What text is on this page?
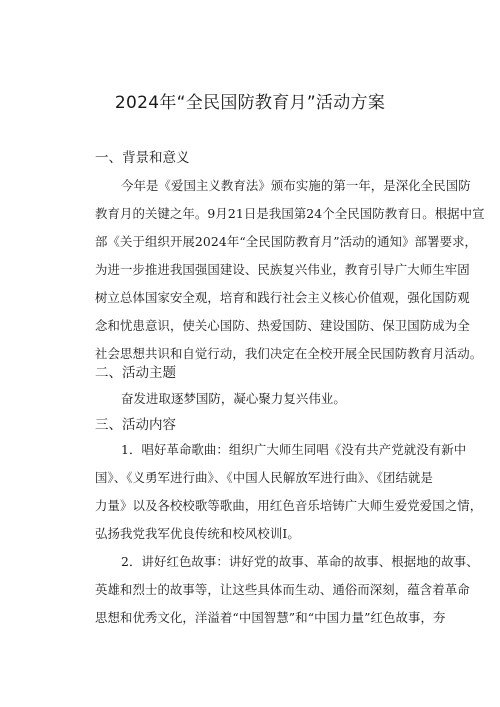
2024年“全民国防教育月”活动方案
一、背景和意义
今年是《爱国主义教育法》颁布实施的第一年，是深化全民国防
教育月的关键之年。9月21日是我国第24个全民国防教育日。根据中宣
部《关于组织开展2024年“全民国防教育月”活动的通知》部署要求，
为进一步推进我国强国建设、民族复兴伟业，教育引导广大师生牢固
树立总体国家安全观，培育和践行社会主义核心价值观，强化国防观
念和忧患意识，使关心国防、热爱国防、建设国防、保卫国防成为全
社会思想共识和自觉行动，我们决定在全校开展全民国防教育月活动。
二、活动主题
奋发进取逐梦国防，凝心聚力复兴伟业。
三、活动内容
1．唱好革命歌曲：组织广大师生同唱《没有共产党就没有新中
国》、《义勇军进行曲》、《中国人民解放军进行曲》、《团结就是
力量》以及各校校歌等歌曲，用红色音乐培铸广大师生爱党爱国之情，
弘扬我党我军优良传统和校风校训Ⅰ。
2．讲好红色故事：讲好党的故事、革命的故事、根据地的故事、
英雄和烈士的故事等，让这些具体而生动、通俗而深刻，蕴含着革命
思想和优秀文化，洋溢着“中国智慧”和“中国力量”红色故事，夯
